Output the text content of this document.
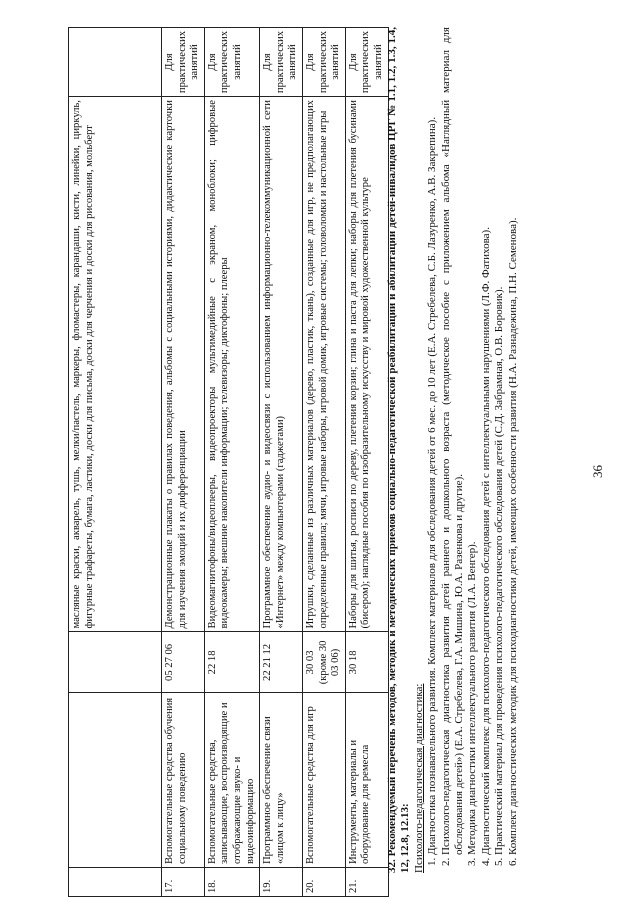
36
			масляные краски, акварель, тушь, мелки/пастель, маркеры, фломастеры, карандаши, кисти, линейки, циркуль, фигурные трафареты, бумага, ластики, доски для письма, доски для черчения и доски для рисования, мольберт	
17.	Вспомогательные средства обучения социальному поведению	05 27 06	Демонстрационные плакаты о правилах поведения, альбомы с социальными историями, дидактические карточки для изучения эмоций и их дифференциации	Для практических занятий
18.	Вспомогательные средства, записывающие, воспроизводящие и отображающие звуко- и видеоинформацию	22 18	Видеомагнитофоны/видеоплееры, видеопроекторы мультимедийные с экраном, моноблоки; цифровые видеокамеры; внешние накопители информации; телевизоры; диктофоны; плееры	Для практических занятий
19.	Программное обеспечение связи «лицом к лицу»	22 21 12	Программное обеспечение аудио- и видеосвязи с использованием информационно-телекоммуникационной сети «Интернет» между компьютерами (гаджетами)	Для практических занятий
20.	Вспомогательные средства для игр	30 03 (кроме 30 03 06)	Игрушки, сделанные из различных материалов (дерево, пластик, ткань), созданные для игр, не предполагающих определенные правила; мячи, игровые наборы, игровой домик, игровые системы; головоломки и настольные игры	Для практических занятий
21.	Инструменты, материалы и оборудование для ремесла	30 18	Наборы для шитья, росписи по дереву, плетения корзин; глина и паста для лепки; наборы для плетения бусинами (бисером); наглядные пособия по изобразительному искусству и мировой художественной культуре	Для практических занятий 32. Рекомендуемый перечень методов, методик и методических приемов социально-педагогической реабилитации и абилитации детей-инвалидов ЦРГ № 1.1, 1.2, 1.3, 1.4, 12, 12.8, 12.13: Психолого-педагогическая диагностика: 1. Диагностика познавательного развития. Комплект материалов для обследования детей от 6 мес. до 10 лет (Е.А. Стребелева, С.Б. Лазуренко, А.В. Закрепина). 2. Психолого-педагогическая диагностика развития детей раннего и дошкольного возраста (методическое пособие с приложением альбома «Наглядный материал для обследования детей») (Е.А. Стребелева, Г.А. Мишина, Ю.А. Разенкова и другие). 3. Методика диагностики интеллектуального развития (Л.А. Венгер). 4. Диагностический комплекс для психолого-педагогического обследования детей с интеллектуальными нарушениями (Л.Ф. Фатихова). 5. Практический материал для проведения психолого-педагогического обследования детей (С.Д. Забрамная, О.В. Боровик). 6. Комплект диагностических методик для психодиагностики детей, имеющих особенности развития (Н.А. Разнадежина, П.Н. Семенова).
